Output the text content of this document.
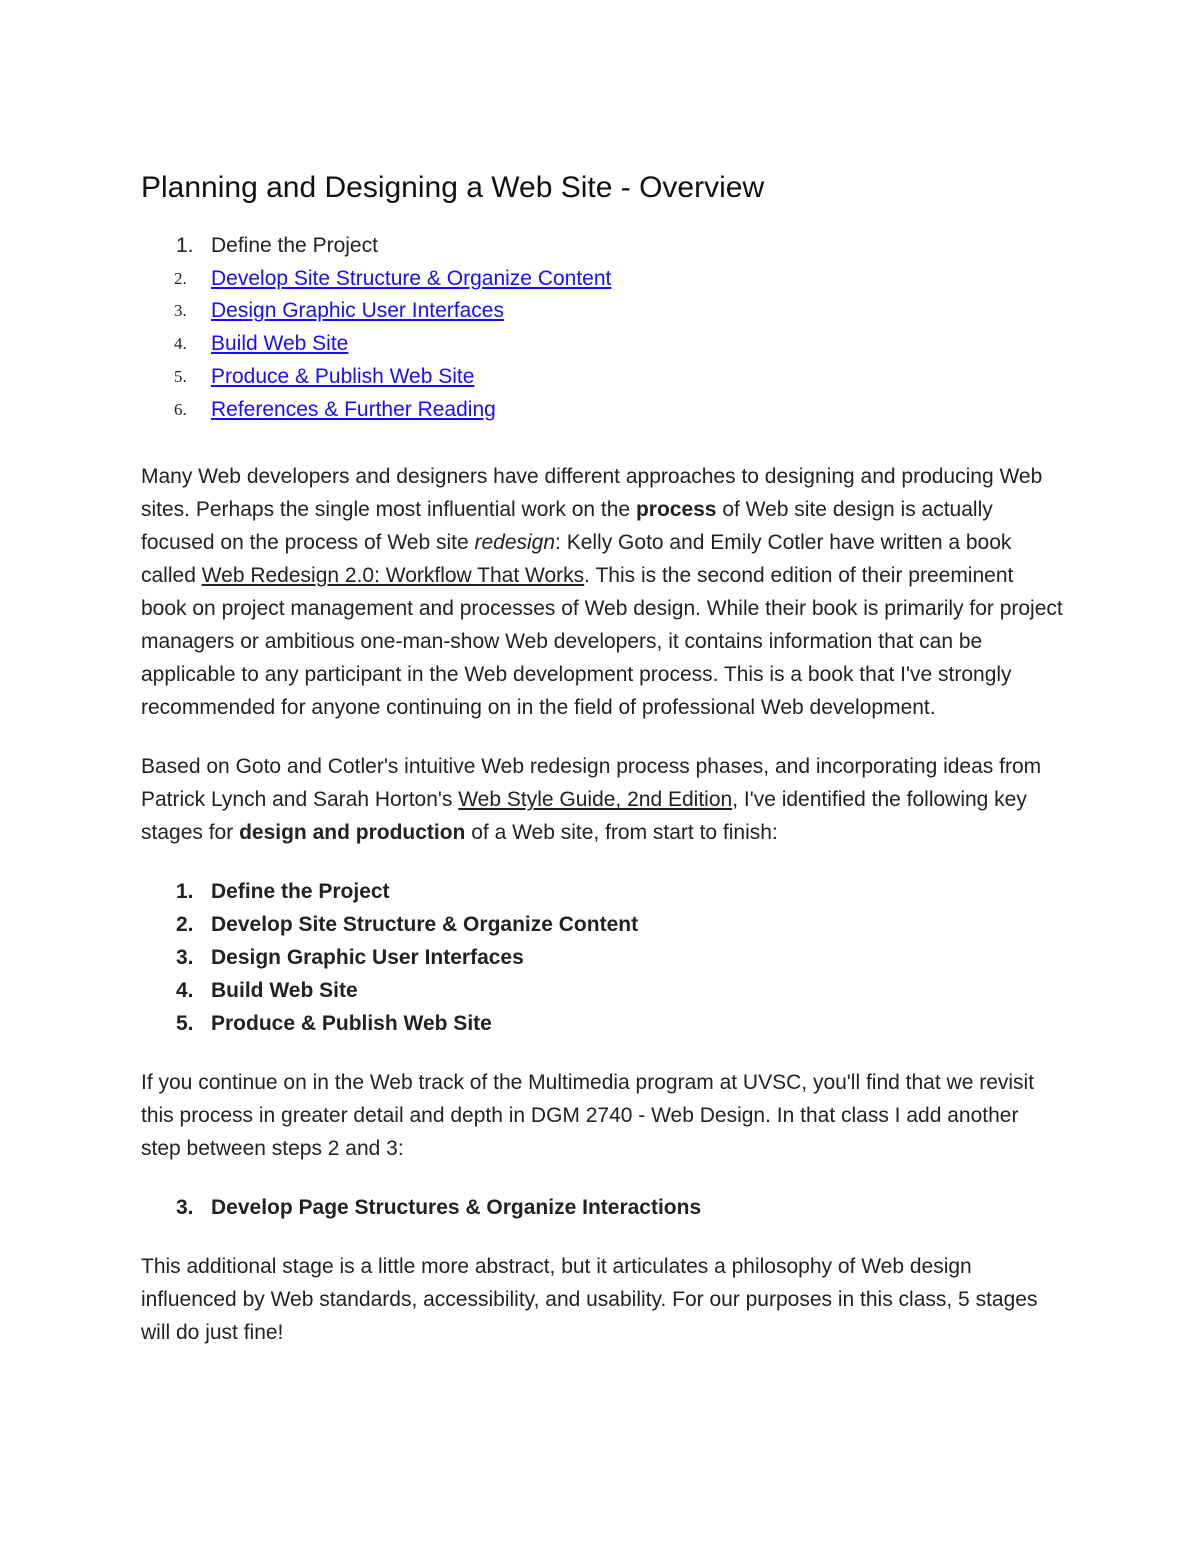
Planning and Designing a Web Site - Overview
1. Define the Project
2. Develop Site Structure & Organize Content
3. Design Graphic User Interfaces
4. Build Web Site
5. Produce & Publish Web Site
6. References & Further Reading

Many Web developers and designers have different approaches to designing and producing Web sites. Perhaps the single most influential work on the process of Web site design is actually focused on the process of Web site redesign: Kelly Goto and Emily Cotler have written a book called Web Redesign 2.0: Workflow That Works. This is the second edition of their preeminent book on project management and processes of Web design. While their book is primarily for project managers or ambitious one-man-show Web developers, it contains information that can be applicable to any participant in the Web development process. This is a book that I've strongly recommended for anyone continuing on in the field of professional Web development.

Based on Goto and Cotler's intuitive Web redesign process phases, and incorporating ideas from Patrick Lynch and Sarah Horton's Web Style Guide, 2nd Edition, I've identified the following key stages for design and production of a Web site, from start to finish:

1. Define the Project
2. Develop Site Structure & Organize Content
3. Design Graphic User Interfaces
4. Build Web Site
5. Produce & Publish Web Site

If you continue on in the Web track of the Multimedia program at UVSC, you'll find that we revisit this process in greater detail and depth in DGM 2740 - Web Design. In that class I add another step between steps 2 and 3:

3. Develop Page Structures & Organize Interactions

This additional stage is a little more abstract, but it articulates a philosophy of Web design influenced by Web standards, accessibility, and usability. For our purposes in this class, 5 stages will do just fine!
